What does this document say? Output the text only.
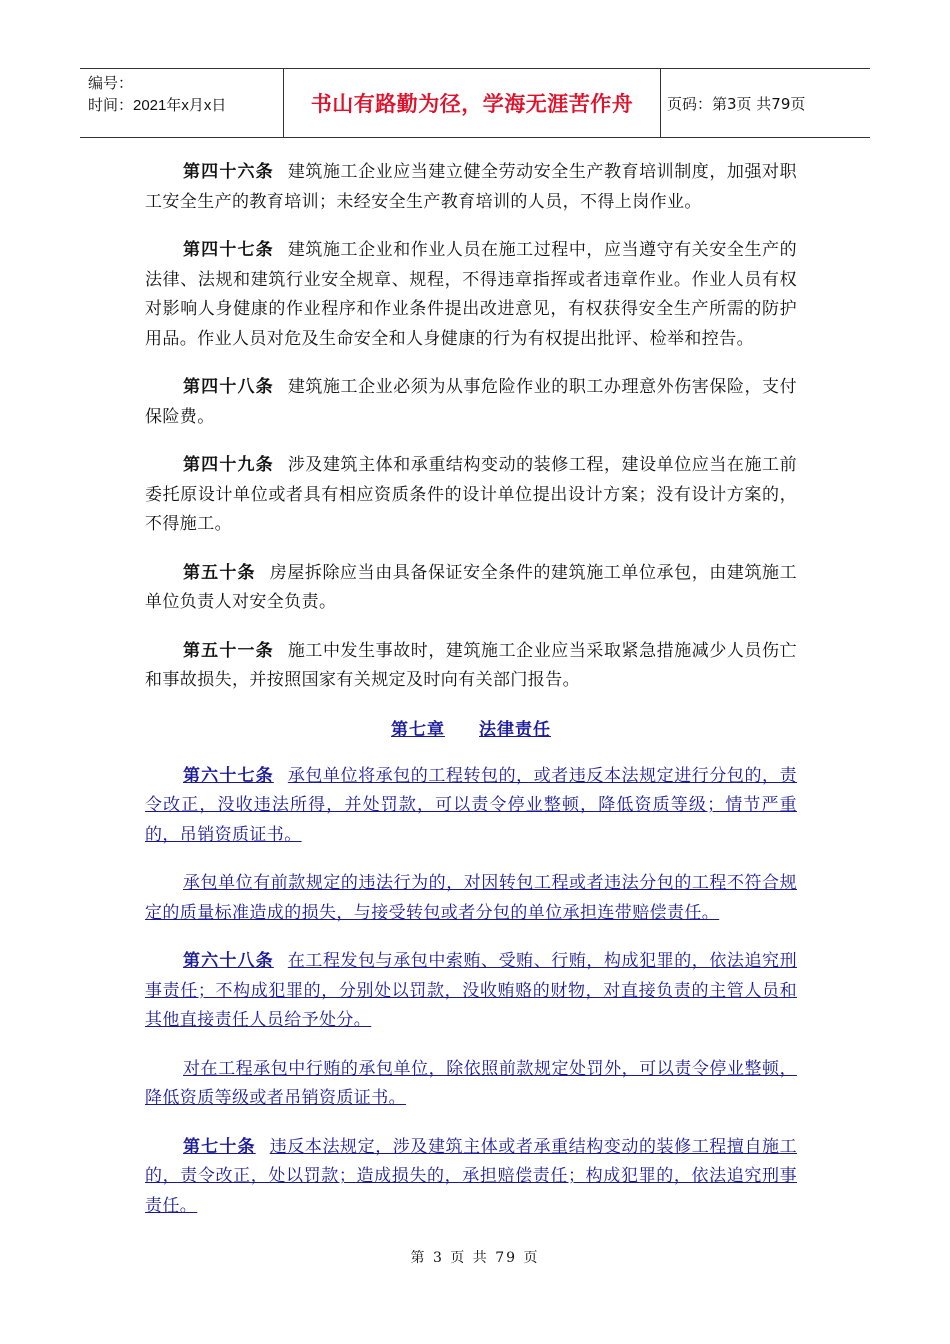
编号：
时间：2021年x月x日	书山有路勤为径，学海无涯苦作舟 页码：第3页 共79页

第四十六条 建筑施工企业应当建立健全劳动安全生产教育培训制度，加强对职工安全生产的教育培训；未经安全生产教育培训的人员，不得上岗作业。

第四十七条 建筑施工企业和作业人员在施工过程中，应当遵守有关安全生产的法律、法规和建筑行业安全规章、规程，不得违章指挥或者违章作业。作业人员有权对影响人身健康的作业程序和作业条件提出改进意见，有权获得安全生产所需的防护用品。作业人员对危及生命安全和人身健康的行为有权提出批评、检举和控告。

第四十八条 建筑施工企业必须为从事危险作业的职工办理意外伤害保险，支付保险费。

第四十九条 涉及建筑主体和承重结构变动的装修工程，建设单位应当在施工前委托原设计单位或者具有相应资质条件的设计单位提出设计方案；没有设计方案的，不得施工。

第五十条 房屋拆除应当由具备保证安全条件的建筑施工单位承包，由建筑施工单位负责人对安全负责。

第五十一条 施工中发生事故时，建筑施工企业应当采取紧急措施减少人员伤亡和事故损失，并按照国家有关规定及时向有关部门报告。

第七章 法律责任

第六十七条 承包单位将承包的工程转包的，或者违反本法规定进行分包的，责令改正，没收违法所得，并处罚款，可以责令停业整顿，降低资质等级；情节严重的，吊销资质证书。

承包单位有前款规定的违法行为的，对因转包工程或者违法分包的工程不符合规定的质量标准造成的损失，与接受转包或者分包的单位承担连带赔偿责任。

第六十八条 在工程发包与承包中索贿、受贿、行贿，构成犯罪的，依法追究刑事责任；不构成犯罪的，分别处以罚款，没收贿赂的财物，对直接负责的主管人员和其他直接责任人员给予处分。

对在工程承包中行贿的承包单位，除依照前款规定处罚外，可以责令停业整顿，降低资质等级或者吊销资质证书。

第七十条 违反本法规定，涉及建筑主体或者承重结构变动的装修工程擅自施工的，责令改正，处以罚款；造成损失的，承担赔偿责任；构成犯罪的，依法追究刑事责任。

第 3 页 共 79 页
